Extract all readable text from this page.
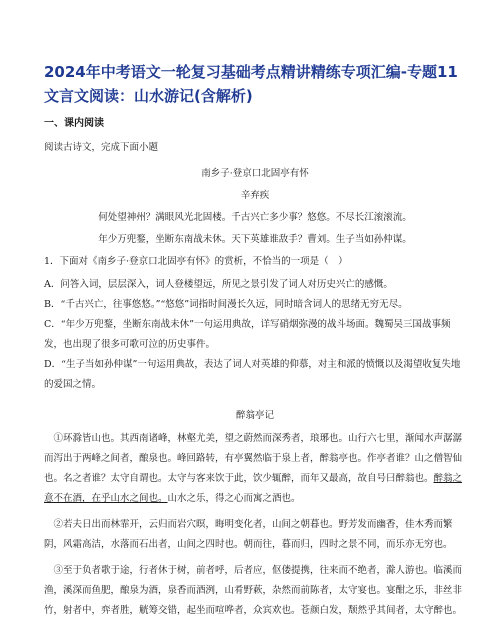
2024年中考语文一轮复习基础考点精讲精练专项汇编-专题11 文言文阅读：山水游记(含解析)
一、课内阅读
阅读古诗文，完成下面小题
南乡子·登京口北固亭有怀
辛弃疾
何处望神州？满眼风光北固楼。千古兴亡多少事？悠悠。不尽长江滚滚流。
年少万兜鍪，坐断东南战未休。天下英雄谁敌手？曹刘。生子当如孙仲谋。
1．下面对《南乡子·登京口北固亭有怀》的赏析，不恰当的一项是（　）
A．问答入词，层层深入，词人登楼望远，所见之景引发了词人对历史兴亡的感慨。
B．“千古兴亡，往事悠悠。”“悠悠”词指时间漫长久远，同时暗含词人的思绪无穷无尽。
C．“年少万兜鍪，坐断东南战未休”一句运用典故，详写硝烟弥漫的战斗场面。魏蜀吴三国战事频发，也出现了很多可歌可泣的历史事件。
D．“生子当如孙仲谋”一句运用典故，表达了词人对英雄的仰慕，对主和派的愤慨以及渴望收复失地的爱国之情。
醉翁亭记
①环滁皆山也。其西南诸峰，林壑尤美，望之蔚然而深秀者，琅琊也。山行六七里，渐闻水声潺潺而泻出于两峰之间者，酿泉也。峰回路转，有亭翼然临于泉上者，醉翁亭也。作亭者谁？山之僧智仙也。名之者谁？太守自谓也。太守与客来饮于此，饮少辄醉，而年又最高，故自号曰醉翁也。醉翁之意不在酒，在乎山水之间也。山水之乐，得之心而寓之酒也。
②若夫日出而林霏开，云归而岩穴暝，晦明变化者，山间之朝暮也。野芳发而幽香，佳木秀而繁阴，风霜高洁，水落而石出者，山间之四时也。朝而往，暮而归，四时之景不同，而乐亦无穷也。
③至于负者歌于途，行者休于树，前者呼，后者应，伛偻提携，往来而不绝者，滁人游也。临溪而渔，溪深而鱼肥，酿泉为酒，泉香而酒洌，山肴野蔌，杂然而前陈者，太守宴也。宴酣之乐，非丝非竹，射者中，弈者胜，觥筹交错，起坐而喧哗者，众宾欢也。苍颜白发，颓然乎其间者，太守醉也。
